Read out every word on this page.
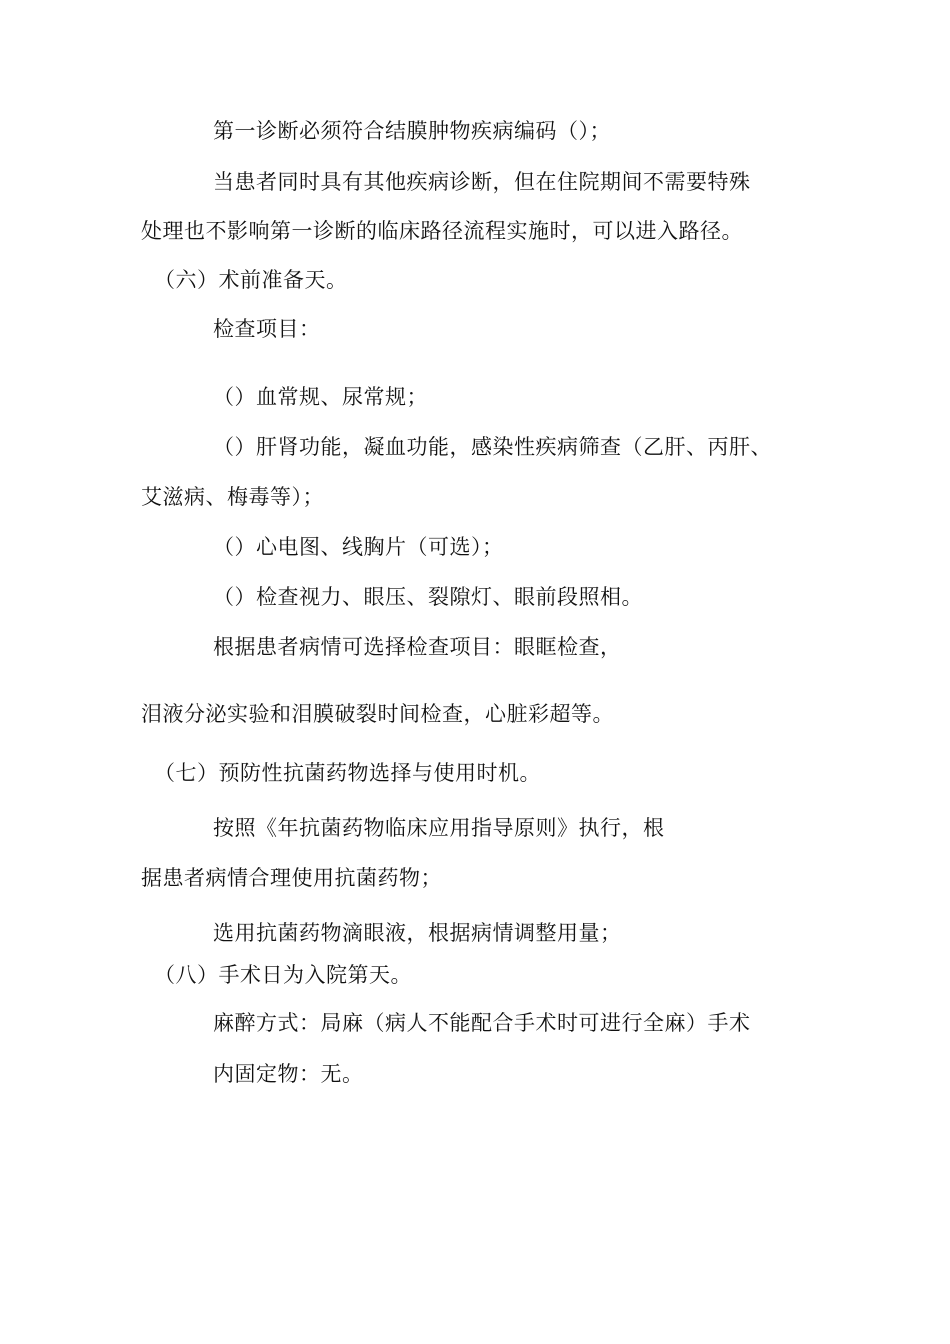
第一诊断必须符合结膜肿物疾病编码（）；
当患者同时具有其他疾病诊断，但在住院期间不需要特殊
处理也不影响第一诊断的临床路径流程实施时，可以进入路径。
（六）术前准备天。
检查项目：
（）血常规、尿常规；
（）肝肾功能，凝血功能，感染性疾病筛查（乙肝、丙肝、
艾滋病、梅毒等）；
（）心电图、线胸片（可选）；
（）检查视力、眼压、裂隙灯、眼前段照相。
根据患者病情可选择检查项目：眼眶检查，
泪液分泌实验和泪膜破裂时间检查，心脏彩超等。
（七）预防性抗菌药物选择与使用时机。
按照《年抗菌药物临床应用指导原则》执行，根
据患者病情合理使用抗菌药物；
选用抗菌药物滴眼液，根据病情调整用量；
（八）手术日为入院第天。
麻醉方式：局麻（病人不能配合手术时可进行全麻）手术
内固定物：无。
